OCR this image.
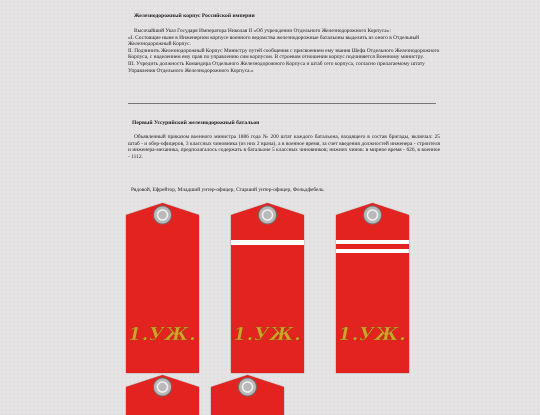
Железнодорожный корпус Российской империи
Высочайший Указ Государя Императора Николая II «Об учреждении Отдельного Железнодорожного Корпуса»:
«I. Состоящие ныне в Инженерном корпусе военного ведомства железнодорожные батальоны выделить из оного в Отдельный Железнодорожный Корпус.
II. Подчинить Железнодорожный Корпус Министру путей сообщения с присвоением ему звания Шефа Отдельного Железнодорожного Корпуса, с наделением ему прав по управлению сим корпусом. В строевом отношении корпус подчиняется Военному министру.
III. Учредить должность Командира Отдельного Железнодорожного Корпуса и штаб сего корпуса, согласно прилагаемому штату Управления Отдельного Железнодорожного Корпуса.»
Первый Уссурийский железнодорожный батальон
Объявленный приказом военного министра 1886 года № 200 штат каждого батальона, входящего в состав бригады, включал: 25 штаб - и обер-офицеров, 3 классных чиновника (из них 2 врача), а в военное время, за счет введения должностей инженера - строителя и инженера-механика, предполагалось содержать в батальоне 5 классных чиновников; нижних чинов: в мирное время - 626, в военное - 1112.
Рядовой, Ефрейтор, Младший унтер-офицер, Старший унтер-офицер, Фельдфебель
1.УЖ. 1.УЖ. 1.УЖ.
